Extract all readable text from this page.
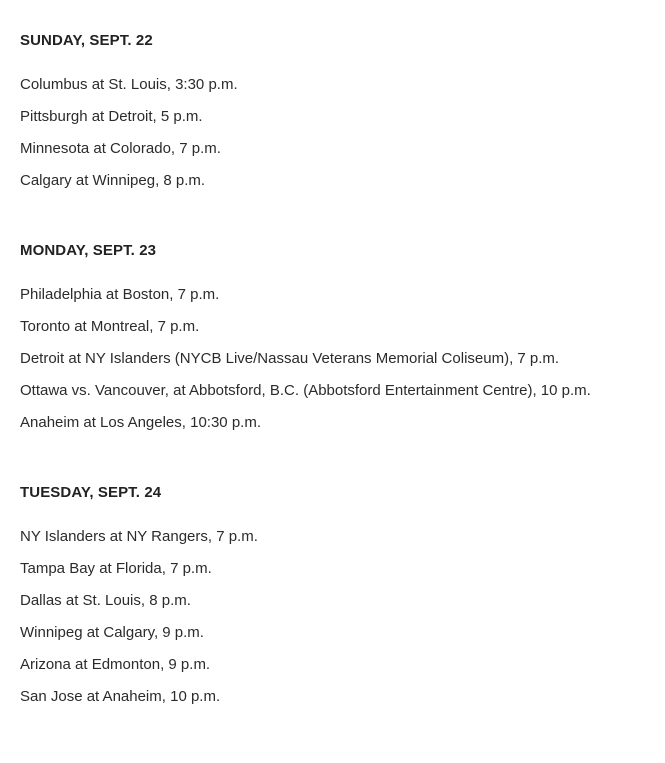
SUNDAY, SEPT. 22
Columbus at St. Louis, 3:30 p.m.
Pittsburgh at Detroit, 5 p.m.
Minnesota at Colorado, 7 p.m.
Calgary at Winnipeg, 8 p.m.
MONDAY, SEPT. 23
Philadelphia at Boston, 7 p.m.
Toronto at Montreal, 7 p.m.
Detroit at NY Islanders (NYCB Live/Nassau Veterans Memorial Coliseum), 7 p.m.
Ottawa vs. Vancouver, at Abbotsford, B.C. (Abbotsford Entertainment Centre), 10 p.m.
Anaheim at Los Angeles, 10:30 p.m.
TUESDAY, SEPT. 24
NY Islanders at NY Rangers, 7 p.m.
Tampa Bay at Florida, 7 p.m.
Dallas at St. Louis, 8 p.m.
Winnipeg at Calgary, 9 p.m.
Arizona at Edmonton, 9 p.m.
San Jose at Anaheim, 10 p.m.
